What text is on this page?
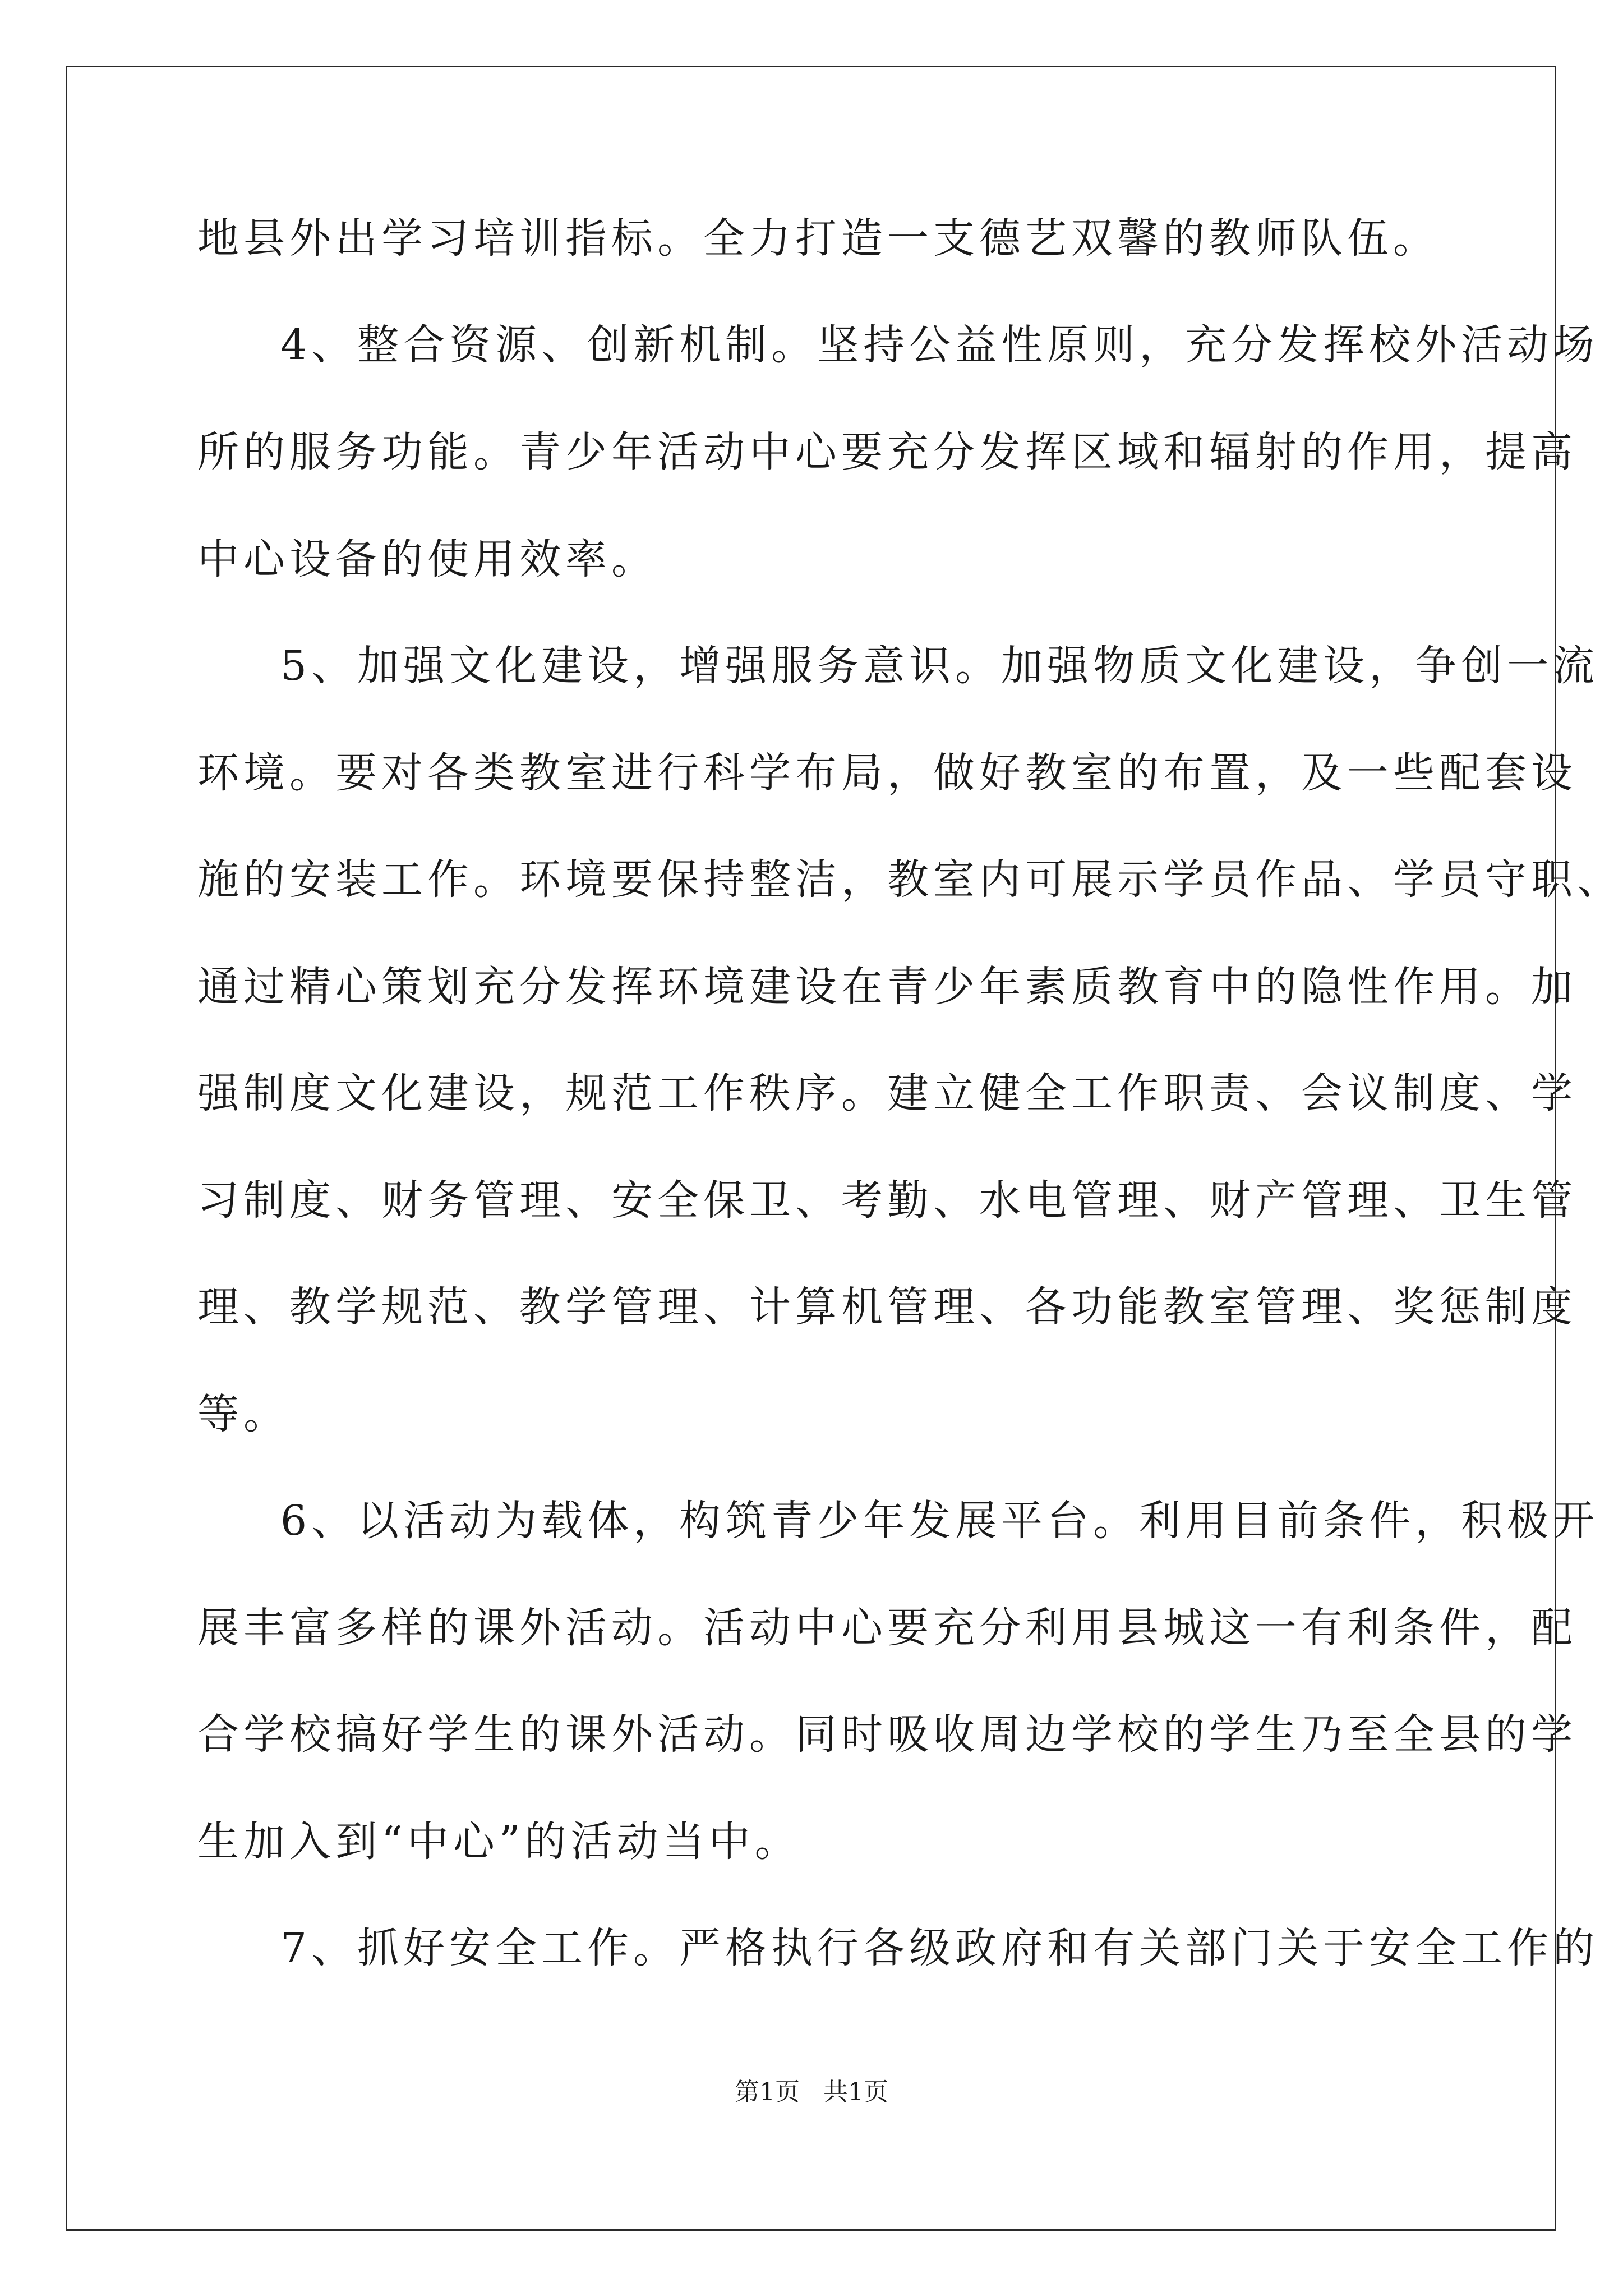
地县外出学习培训指标。全力打造一支德艺双馨的教师队伍。
4、整合资源、创新机制。坚持公益性原则，充分发挥校外活动场
所的服务功能。青少年活动中心要充分发挥区域和辐射的作用，提高
中心设备的使用效率。
5、加强文化建设，增强服务意识。加强物质文化建设，争创一流
环境。要对各类教室进行科学布局，做好教室的布置，及一些配套设
施的安装工作。环境要保持整洁，教室内可展示学员作品、学员守职、
通过精心策划充分发挥环境建设在青少年素质教育中的隐性作用。加
强制度文化建设，规范工作秩序。建立健全工作职责、会议制度、学
习制度、财务管理、安全保卫、考勤、水电管理、财产管理、卫生管
理、教学规范、教学管理、计算机管理、各功能教室管理、奖惩制度
等。
6、以活动为载体，构筑青少年发展平台。利用目前条件，积极开
展丰富多样的课外活动。活动中心要充分利用县城这一有利条件，配
合学校搞好学生的课外活动。同时吸收周边学校的学生乃至全县的学
生加入到“中心”的活动当中。
7、抓好安全工作。严格执行各级政府和有关部门关于安全工作的
第1页   共1页
